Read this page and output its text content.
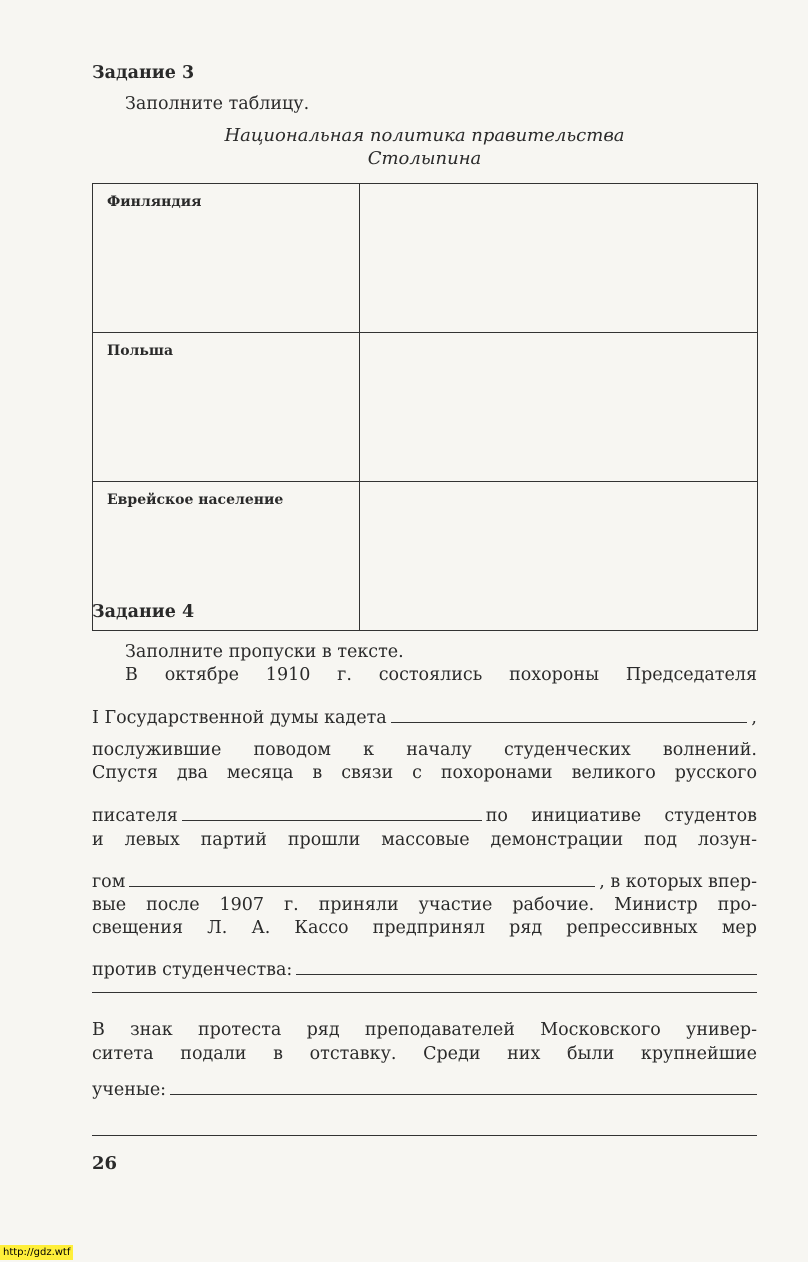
Задание 3
Заполните таблицу.
Национальная политика правительства
Столыпина
Финляндия	
Польша	
Еврейское население	
Задание 4
Заполните пропуски в тексте.
В октябре 1910 г. состоялись похороны Председателя
I Государственной думы кадета	,
послужившие поводом к началу студенческих волнений.
Спустя два месяца в связи с похоронами великого русского
писателя	по инициативе студентов
и левых партий прошли массовые демонстрации под лозун-
гом	, в которых впер-
вые после 1907 г. приняли участие рабочие. Министр про-
свещения Л. А. Кассо предпринял ряд репрессивных мер
против студенчества:
В знак протеста ряд преподавателей Московского универ-
ситета подали в отставку. Среди них были крупнейшие
ученые:
26
http://gdz.wtf
